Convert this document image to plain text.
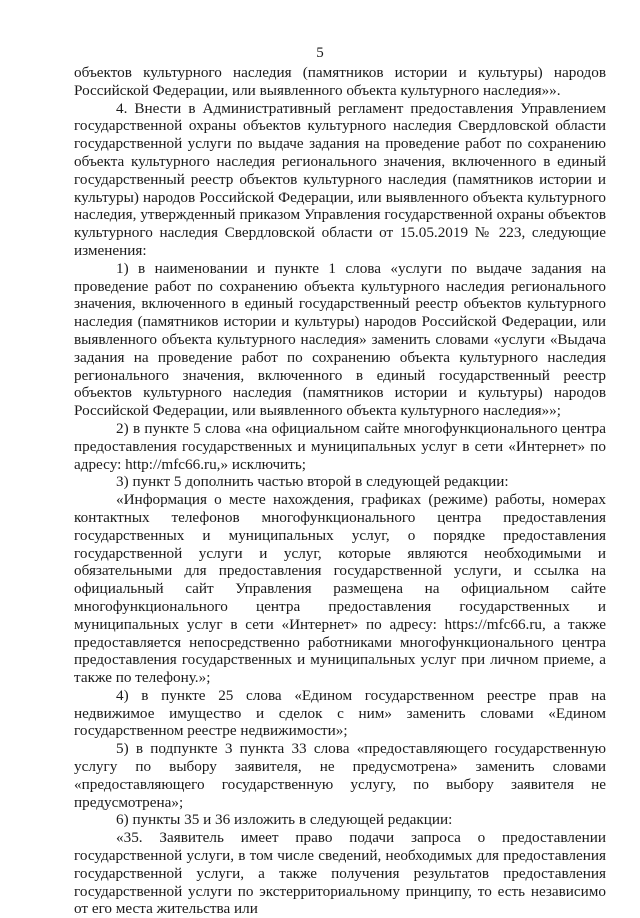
5

объектов культурного наследия (памятников истории и культуры) народов Российской Федерации, или выявленного объекта культурного наследия»».

4. Внести в Административный регламент предоставления Управлением государственной охраны объектов культурного наследия Свердловской области государственной услуги по выдаче задания на проведение работ по сохранению объекта культурного наследия регионального значения, включенного в единый государственный реестр объектов культурного наследия (памятников истории и культуры) народов Российской Федерации, или выявленного объекта культурного наследия, утвержденный приказом Управления государственной охраны объектов культурного наследия Свердловской области от 15.05.2019 № 223, следующие изменения:

1) в наименовании и пункте 1 слова «услуги по выдаче задания на проведение работ по сохранению объекта культурного наследия регионального значения, включенного в единый государственный реестр объектов культурного наследия (памятников истории и культуры) народов Российской Федерации, или выявленного объекта культурного наследия» заменить словами «услуги «Выдача задания на проведение работ по сохранению объекта культурного наследия регионального значения, включенного в единый государственный реестр объектов культурного наследия (памятников истории и культуры) народов Российской Федерации, или выявленного объекта культурного наследия»»;

2) в пункте 5 слова «на официальном сайте многофункционального центра предоставления государственных и муниципальных услуг в сети «Интернет» по адресу: http://mfc66.ru,» исключить;

3) пункт 5 дополнить частью второй в следующей редакции:

«Информация о месте нахождения, графиках (режиме) работы, номерах контактных телефонов многофункционального центра предоставления государственных и муниципальных услуг, о порядке предоставления государственной услуги и услуг, которые являются необходимыми и обязательными для предоставления государственной услуги, и ссылка на официальный сайт Управления размещена на официальном сайте многофункционального центра предоставления государственных и муниципальных услуг в сети «Интернет» по адресу: https://mfc66.ru, а также предоставляется непосредственно работниками многофункционального центра предоставления государственных и муниципальных услуг при личном приеме, а также по телефону.»;

4) в пункте 25 слова «Едином государственном реестре прав на недвижимое имущество и сделок с ним» заменить словами «Едином государственном реестре недвижимости»;

5) в подпункте 3 пункта 33 слова «предоставляющего государственную услугу по выбору заявителя, не предусмотрена» заменить словами «предоставляющего государственную услугу, по выбору заявителя не предусмотрена»;

6) пункты 35 и 36 изложить в следующей редакции:

«35. Заявитель имеет право подачи запроса о предоставлении государственной услуги, в том числе сведений, необходимых для предоставления государственной услуги, а также получения результатов предоставления государственной услуги по экстерриториальному принципу, то есть независимо от его места жительства или
